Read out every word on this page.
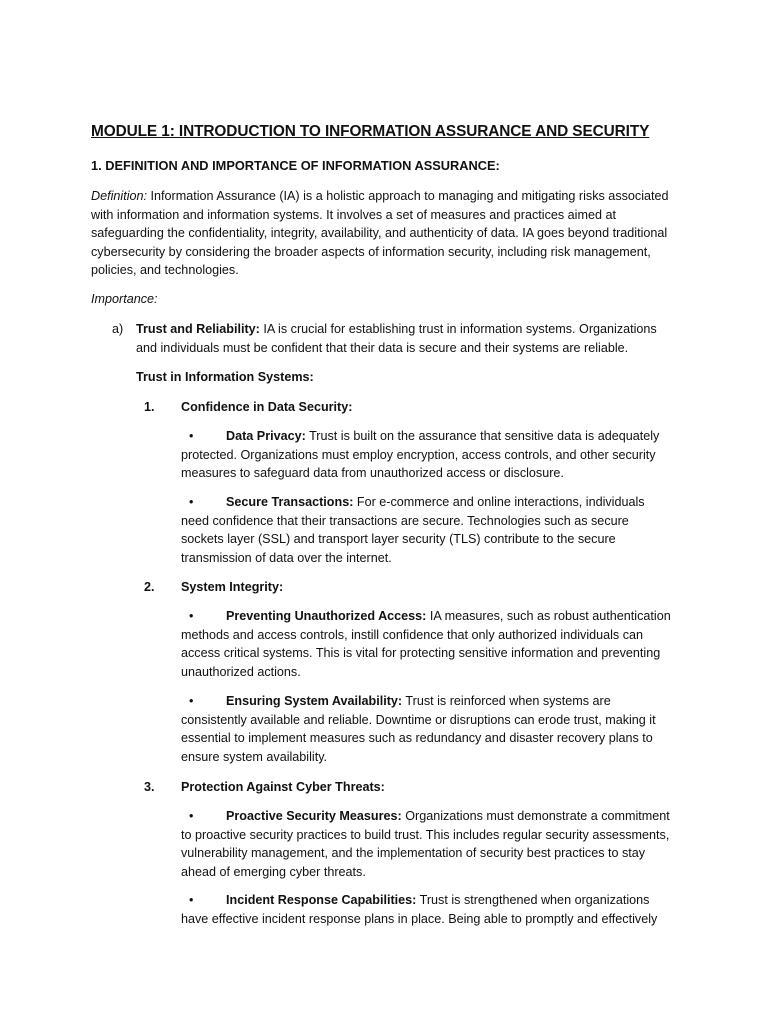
MODULE 1: INTRODUCTION TO INFORMATION ASSURANCE AND SECURITY
1. DEFINITION AND IMPORTANCE OF INFORMATION ASSURANCE:
Definition: Information Assurance (IA) is a holistic approach to managing and mitigating risks associated with information and information systems. It involves a set of measures and practices aimed at safeguarding the confidentiality, integrity, availability, and authenticity of data. IA goes beyond traditional cybersecurity by considering the broader aspects of information security, including risk management, policies, and technologies.
Importance:
a)	Trust and Reliability: IA is crucial for establishing trust in information systems. Organizations and individuals must be confident that their data is secure and their systems are reliable.
Trust in Information Systems:
1. Confidence in Data Security:
•	Data Privacy: Trust is built on the assurance that sensitive data is adequately protected. Organizations must employ encryption, access controls, and other security measures to safeguard data from unauthorized access or disclosure.
•	Secure Transactions: For e-commerce and online interactions, individuals need confidence that their transactions are secure. Technologies such as secure sockets layer (SSL) and transport layer security (TLS) contribute to the secure transmission of data over the internet.
2. System Integrity:
•	Preventing Unauthorized Access: IA measures, such as robust authentication methods and access controls, instill confidence that only authorized individuals can access critical systems. This is vital for protecting sensitive information and preventing unauthorized actions.
•	Ensuring System Availability: Trust is reinforced when systems are consistently available and reliable. Downtime or disruptions can erode trust, making it essential to implement measures such as redundancy and disaster recovery plans to ensure system availability.
3. Protection Against Cyber Threats:
•	Proactive Security Measures: Organizations must demonstrate a commitment to proactive security practices to build trust. This includes regular security assessments, vulnerability management, and the implementation of security best practices to stay ahead of emerging cyber threats.
•	Incident Response Capabilities: Trust is strengthened when organizations have effective incident response plans in place. Being able to promptly and effectively
